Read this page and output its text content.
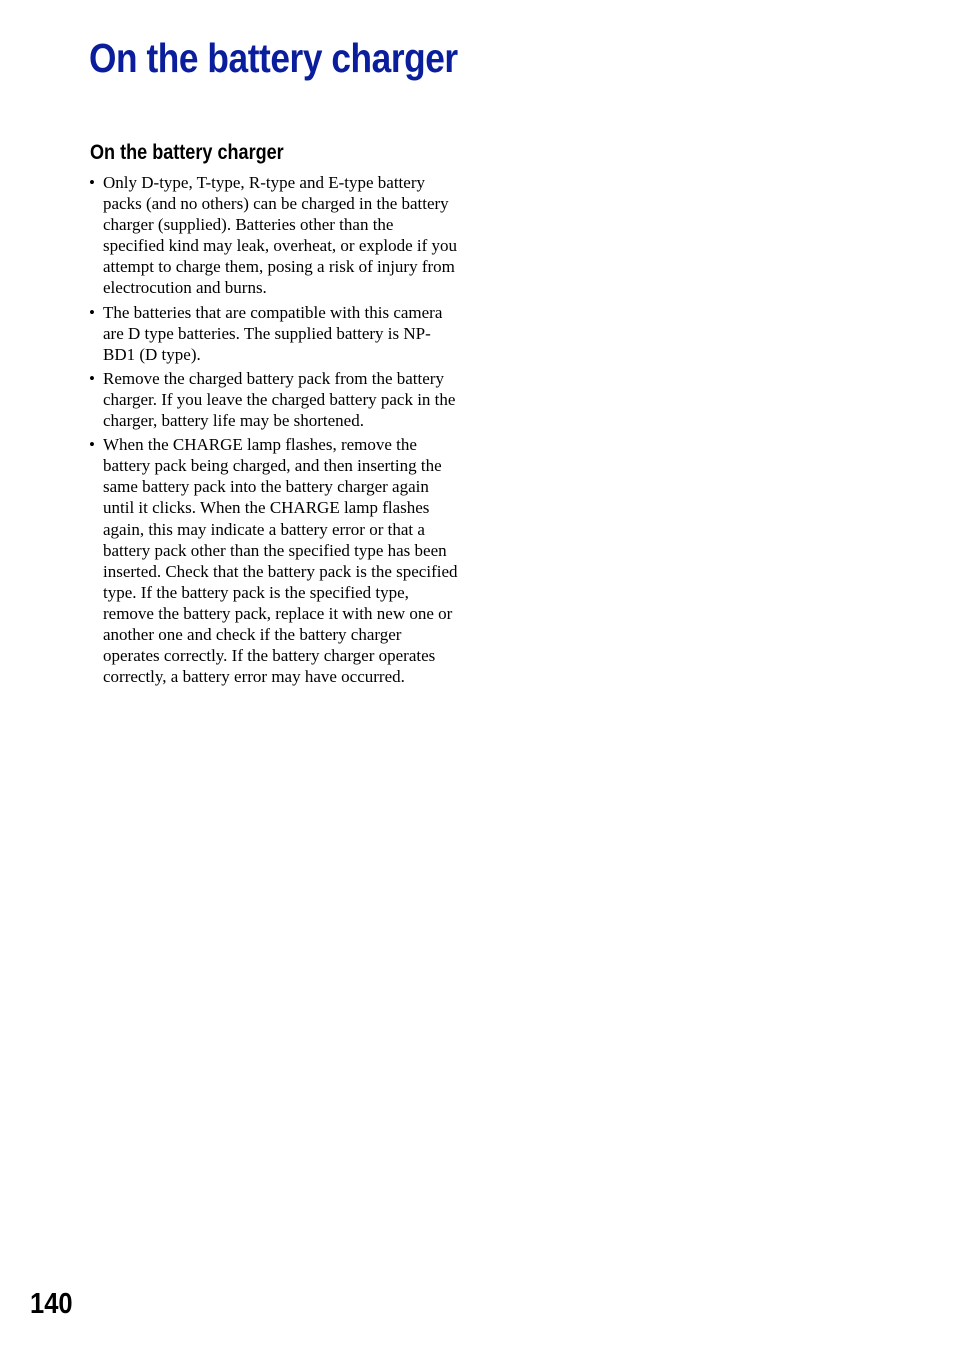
On the battery charger
On the battery charger
• Only D-type, T-type, R-type and E-type battery packs (and no others) can be charged in the battery charger (supplied). Batteries other than the specified kind may leak, overheat, or explode if you attempt to charge them, posing a risk of injury from electrocution and burns.
• The batteries that are compatible with this camera are D type batteries. The supplied battery is NP-BD1 (D type).
• Remove the charged battery pack from the battery charger. If you leave the charged battery pack in the charger, battery life may be shortened.
• When the CHARGE lamp flashes, remove the battery pack being charged, and then inserting the same battery pack into the battery charger again until it clicks. When the CHARGE lamp flashes again, this may indicate a battery error or that a battery pack other than the specified type has been inserted. Check that the battery pack is the specified type. If the battery pack is the specified type, remove the battery pack, replace it with new one or another one and check if the battery charger operates correctly. If the battery charger operates correctly, a battery error may have occurred.
140
